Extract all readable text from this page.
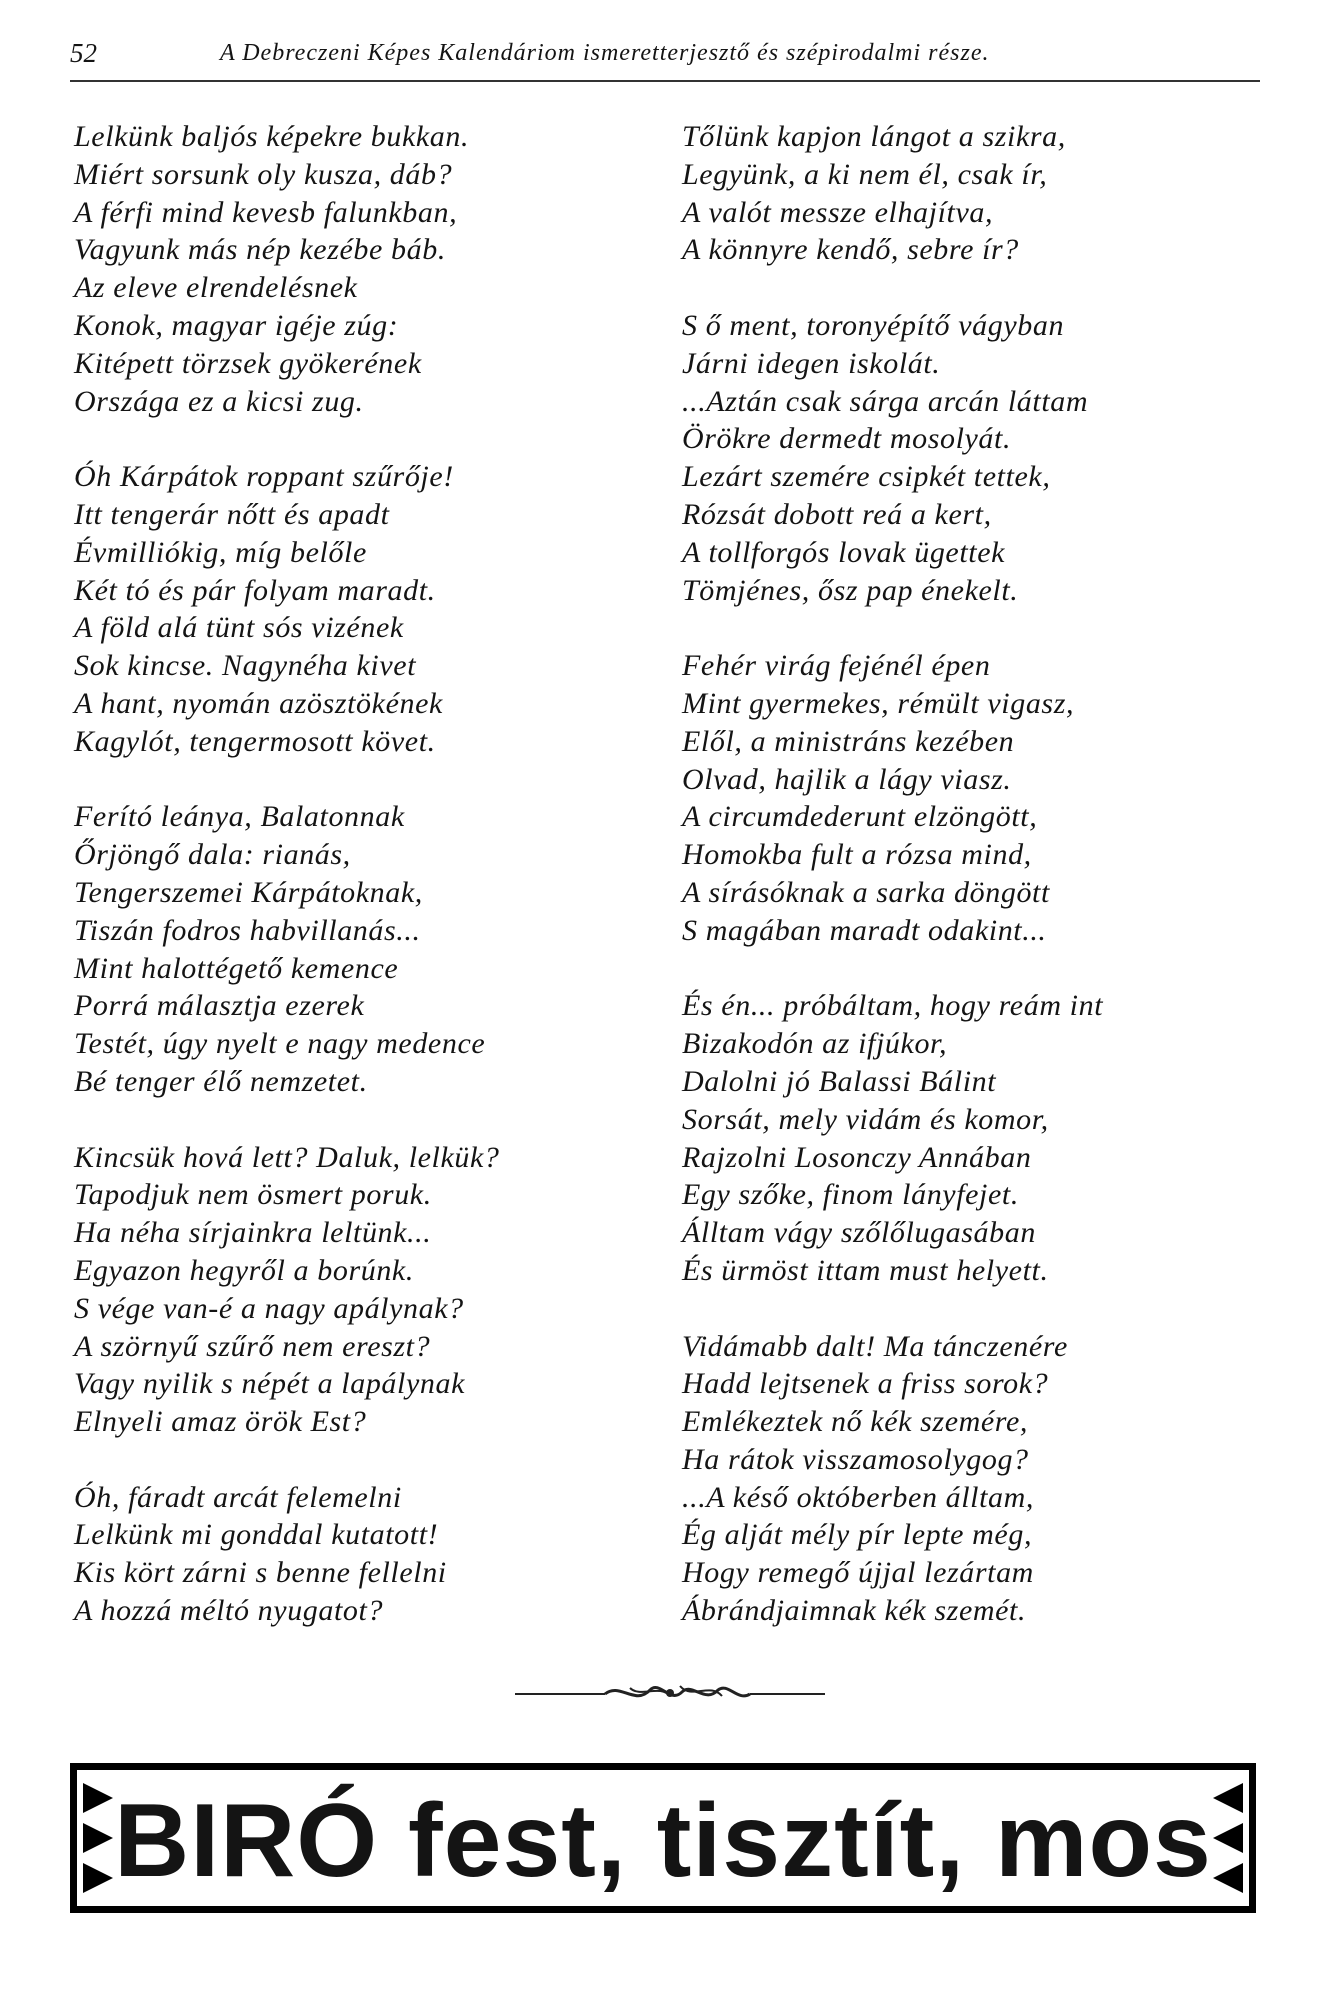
52	A Debreczeni Képes Kalendáriom ismeretterjesztő és szépirodalmi része.
Lelkünk baljós képekre bukkan.
Miért sorsunk oly kusza, dáb?
A férfi mind kevesb falunkban,
Vagyunk más nép kezébe báb.
Az eleve elrendelésnek
Konok, magyar igéje zúg:
Kitépett törzsek gyökerének
Országa ez a kicsi zug.
Óh Kárpátok roppant szűrője!
Itt tengerár nőtt és apadt
Évmilliókig, míg belőle
Két tó és pár folyam maradt.
A föld alá tünt sós vizének
Sok kincse. Nagynéha kivet
A hant, nyomán azösztökének
Kagylót, tengermosott követ.
Ferító leánya, Balatonnak
Őrjöngő dala: rianás,
Tengerszemei Kárpátoknak,
Tiszán fodros habvillanás...
Mint halottégető kemence
Porrá málasztja ezerek
Testét, úgy nyelt e nagy medence
Bé tenger élő nemzetet.
Kincsük hová lett? Daluk, lelkük?
Tapodjuk nem ösmert poruk.
Ha néha sírjainkra leltünk...
Egyazon hegyről a borúnk.
S vége van-é a nagy apálynak?
A szörnyű szűrő nem ereszt?
Vagy nyilik s népét a lapálynak
Elnyeli amaz örök Est?
Óh, fáradt arcát felemelni
Lelkünk mi gonddal kutatott!
Kis kört zárni s benne fellelni
A hozzá méltó nyugatot?
Tőlünk kapjon lángot a szikra,
Legyünk, a ki nem él, csak ír,
A valót messze elhajítva,
A könnyre kendő, sebre ír?
S ő ment, toronyépítő vágyban
Járni idegen iskolát.
...Aztán csak sárga arcán láttam
Örökre dermedt mosolyát.
Lezárt szemére csipkét tettek,
Rózsát dobott reá a kert,
A tollforgós lovak ügettek
Tömjénes, ősz pap énekelt.
Fehér virág fejénél épen
Mint gyermekes, rémült vigasz,
Elől, a ministráns kezében
Olvad, hajlik a lágy viasz.
A circumdederunt elzöngött,
Homokba fult a rózsa mind,
A sírásóknak a sarka döngött
S magában maradt odakint...
És én... próbáltam, hogy reám int
Bizakodón az ifjúkor,
Dalolni jó Balassi Bálint
Sorsát, mely vidám és komor,
Rajzolni Losonczy Annában
Egy szőke, finom lányfejet.
Álltam vágy szőlőlugasában
És ürmöst ittam must helyett.
Vidámabb dalt! Ma tánczenére
Hadd lejtsenek a friss sorok?
Emlékeztek nő kék szemére,
Ha rátok visszamosolygog?
...A késő októberben álltam,
Ég alját mély pír lepte még,
Hogy remegő újjal lezártam
Ábrándjaimnak kék szemét.
BIRÓ fest, tisztít, mos
